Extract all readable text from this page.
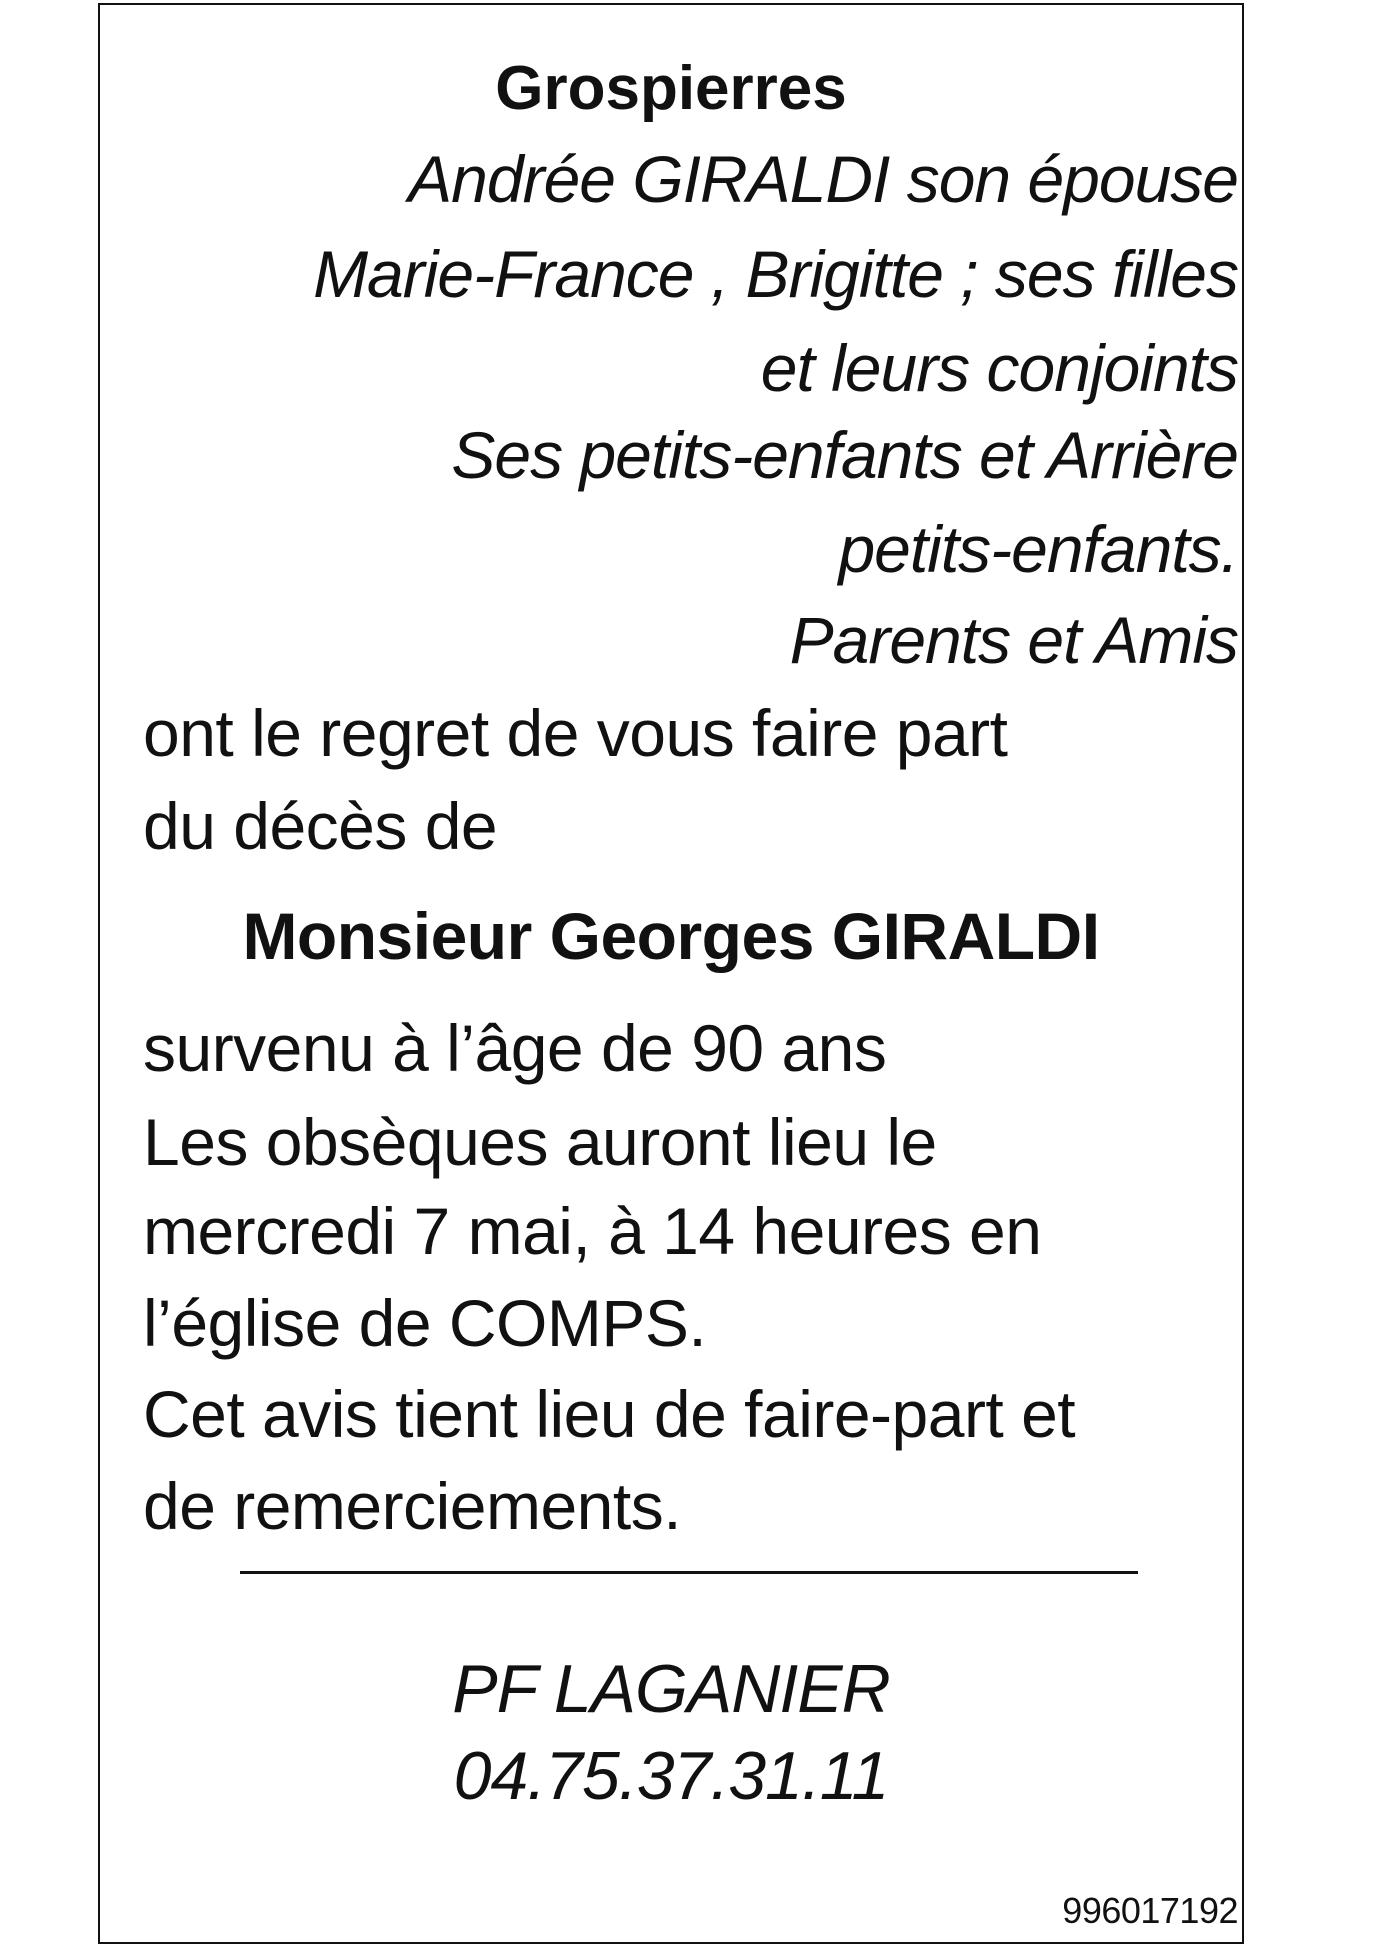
Grospierres
Andrée GIRALDI son épouse
Marie-France , Brigitte ; ses filles
et leurs conjoints
Ses petits-enfants et Arrière
petits-enfants.
Parents et Amis
ont le regret de vous faire part
du décès de
Monsieur Georges GIRALDI
survenu à l’âge de 90 ans
Les obsèques auront lieu le
mercredi 7 mai, à 14 heures en
l’église de COMPS.
Cet avis tient lieu de faire-part et
de remerciements.
PF LAGANIER
04.75.37.31.11
996017192
